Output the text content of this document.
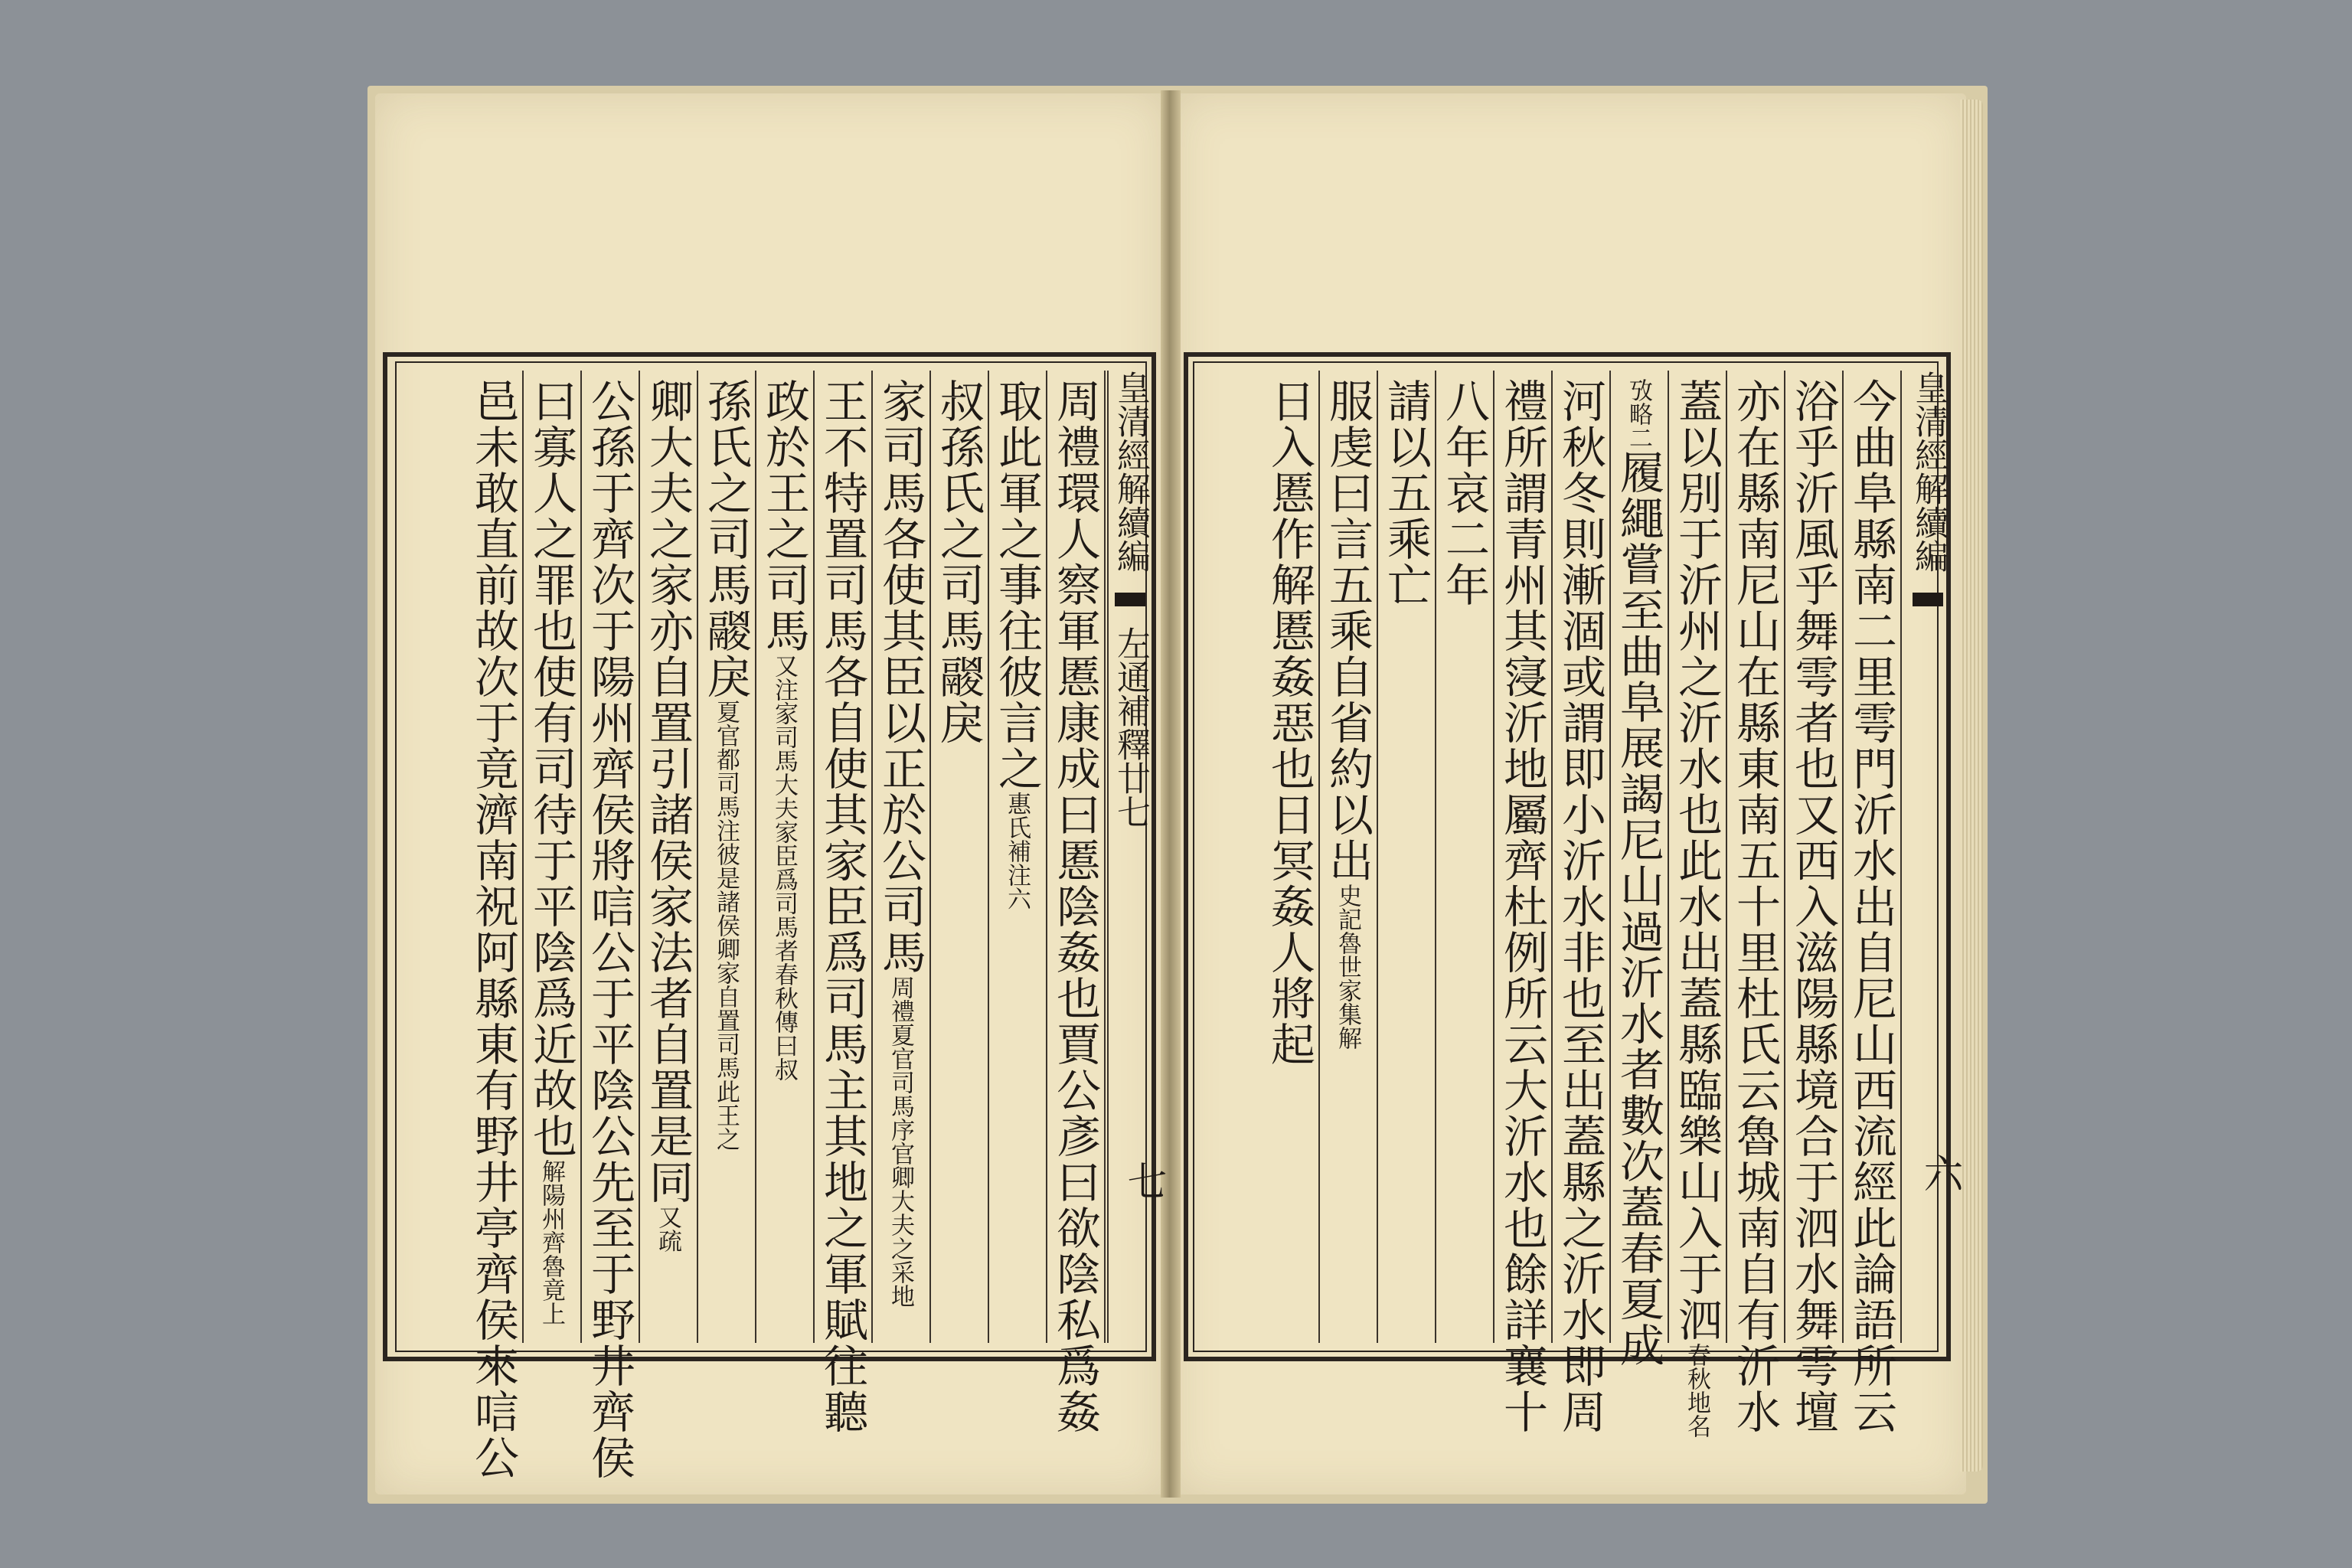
皇清經解續編  左通補釋廿七
七
周禮環人察軍慝康成曰慝陰姦也賈公彥曰欲陰私爲姦
取此軍之事往彼言之惠氏補注六
叔孫氏之司馬鬷戾
家司馬各使其臣以正於公司馬周禮夏官司馬序官卿大夫之采地
王不特置司馬各自使其家臣爲司馬主其地之軍賦往聽
政於王之司馬又注家司馬大夫家臣爲司馬者春秋傳曰叔
孫氏之司馬鬷戾夏官都司馬注彼是諸侯卿家自置司馬此王之
卿大夫之家亦自置引諸侯家法者自置是同又疏
公孫于齊次于陽州齊侯將唁公于平陰公先至于野井齊侯
曰寡人之罪也使有司待于平陰爲近故也解陽州齊魯竟上
邑未敢直前故次于竟濟南祝阿縣東有野井亭齊侯來唁公	皇清經解續編
六
今曲阜縣南二里雩門沂水出自尼山西流經此論語所云
浴乎沂風乎舞雩者也又西入滋陽縣境合于泗水舞雩壇
亦在縣南尼山在縣東南五十里杜氏云魯城南自有沂水
蓋以別于沂州之沂水也此水出蓋縣臨樂山入于泗春秋地名
攷略二履繩嘗至曲阜展謁尼山過沂水者數次蓋春夏成
河秋冬則漸涸或謂即小沂水非也至出蓋縣之沂水即周
禮所謂青州其寖沂地屬齊杜例所云大沂水也餘詳襄十
八年哀二年
請以五乘亡
服虔曰言五乘自省約以出史記魯世家集解
日入慝作解慝姦惡也日冥姦人將起
